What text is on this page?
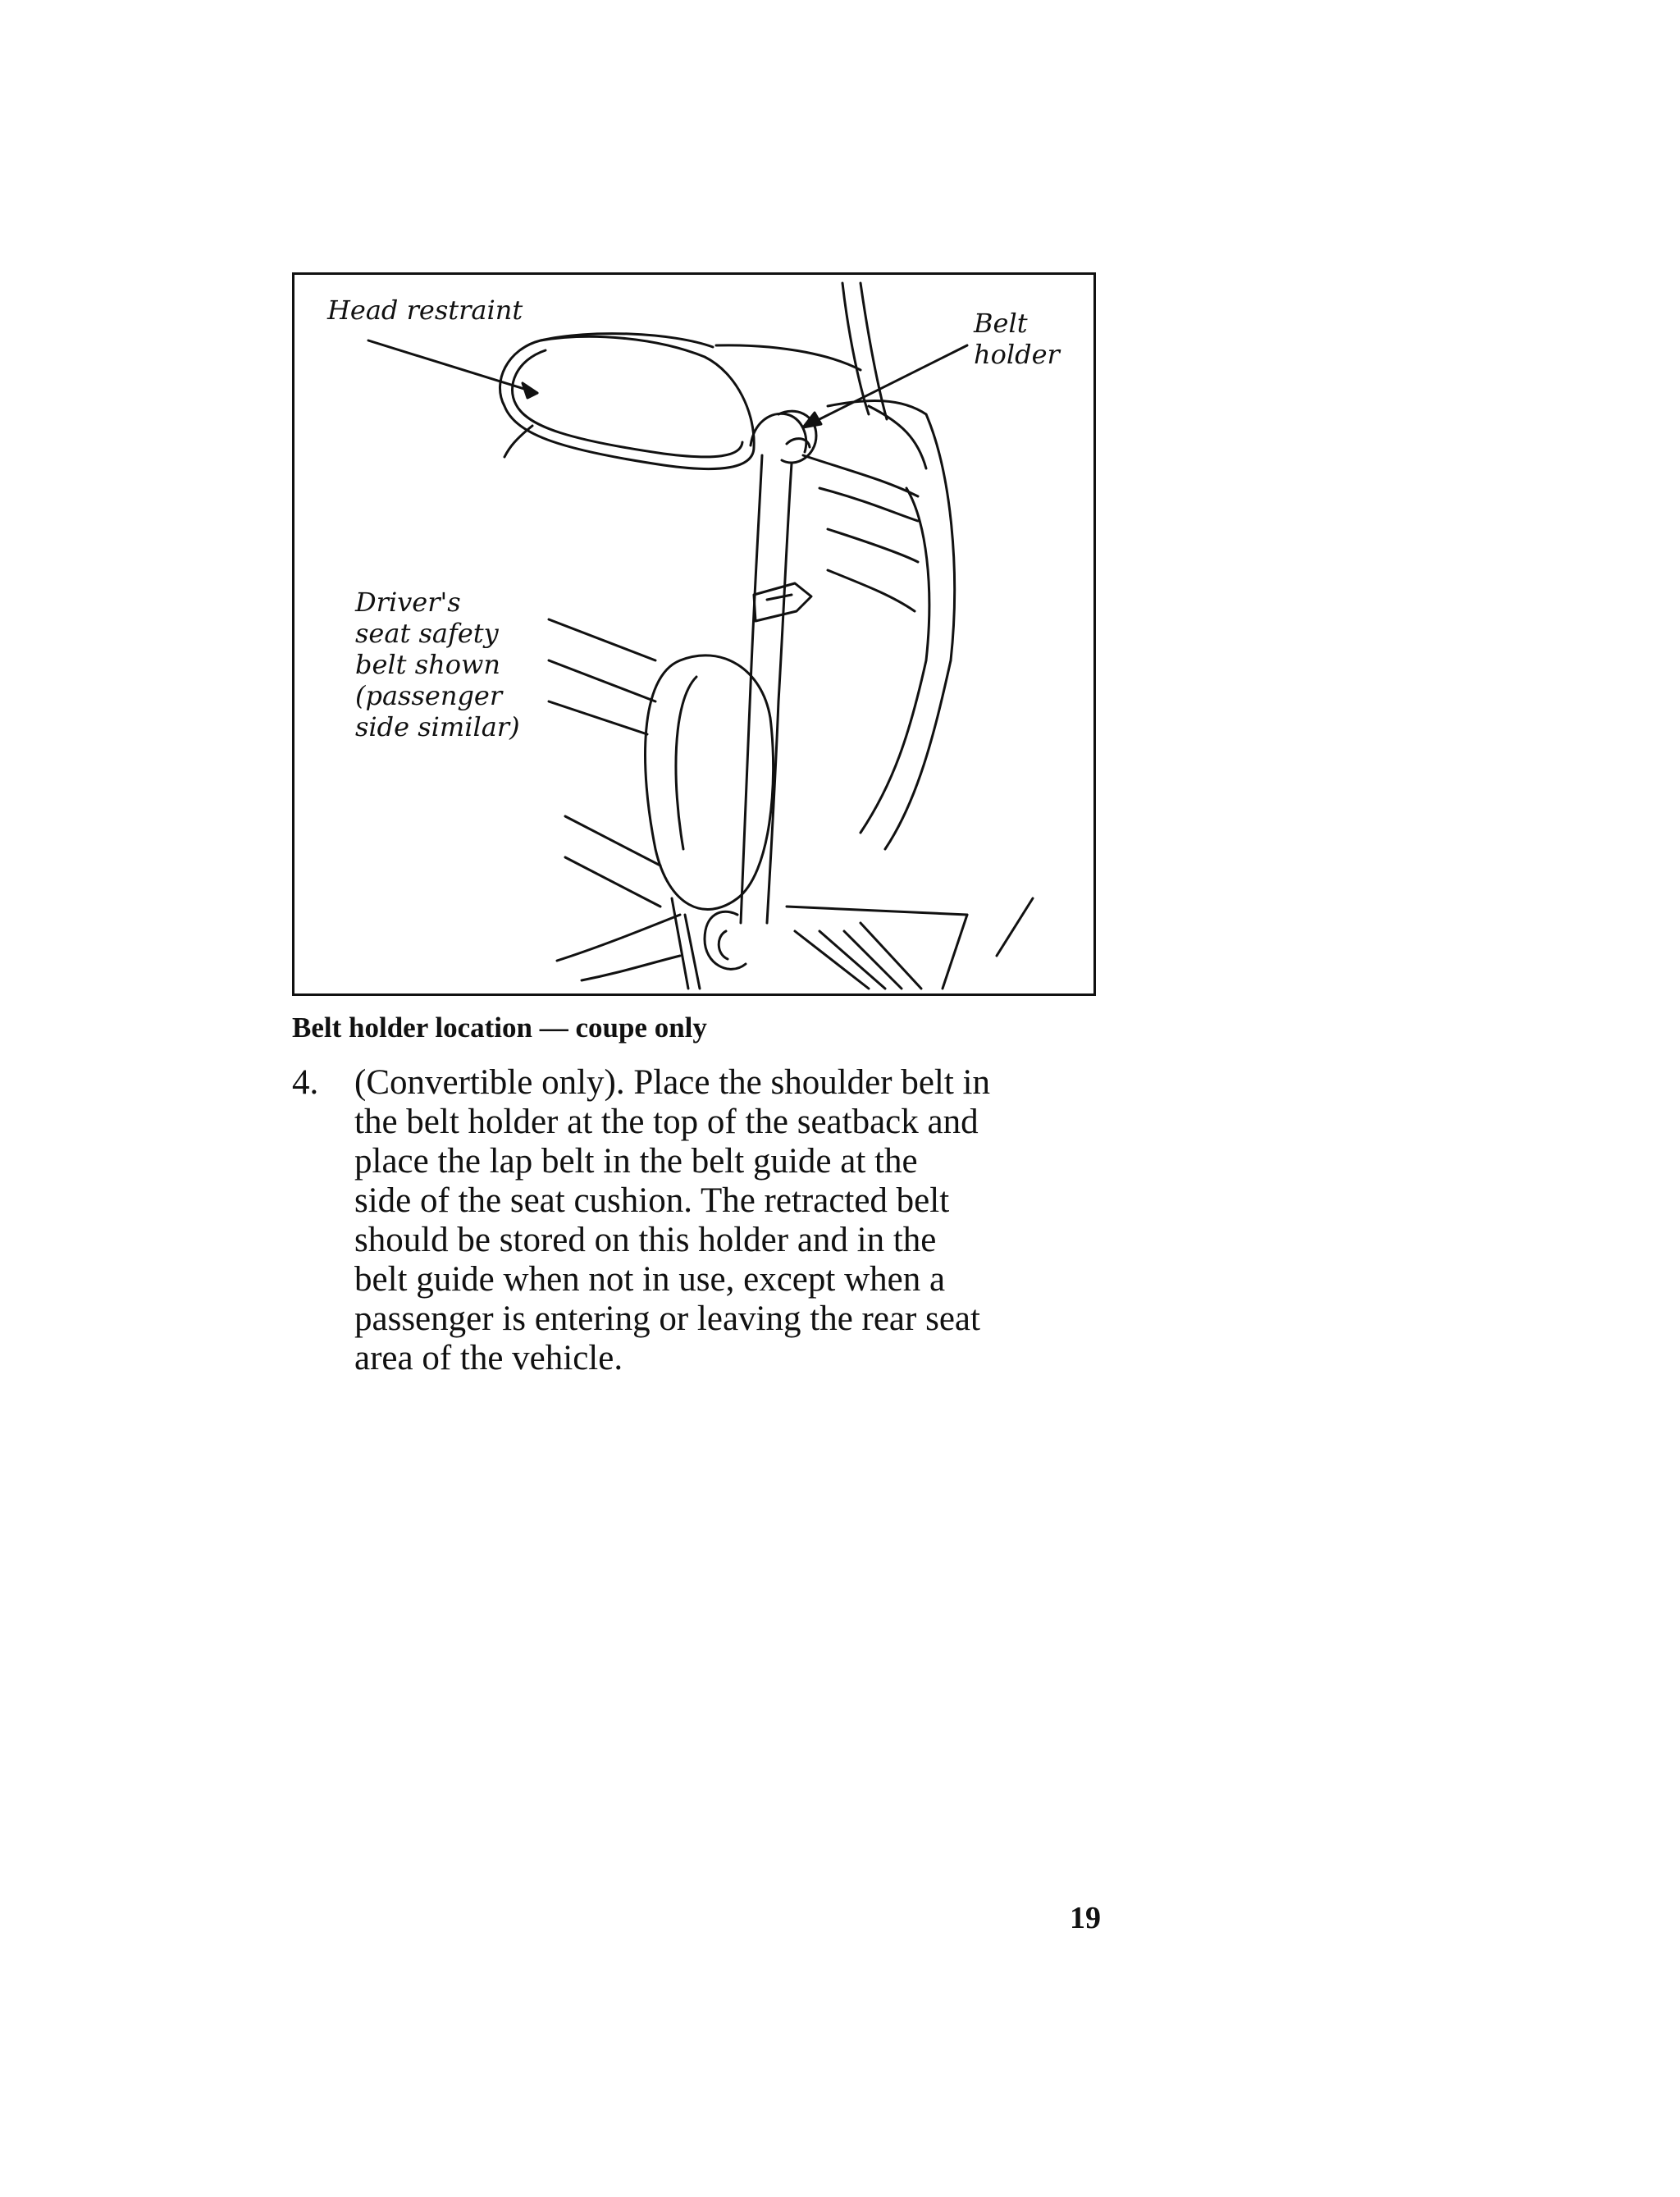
Head restraint	Belt
holder
Driver's
seat safety
belt shown
(passenger
side similar)
Belt holder location — coupe only
4. (Convertible only). Place the shoulder belt in
the belt holder at the top of the seatback and
place the lap belt in the belt guide at the
side of the seat cushion. The retracted belt
should be stored on this holder and in the
belt guide when not in use, except when a
passenger is entering or leaving the rear seat
area of the vehicle.
19
